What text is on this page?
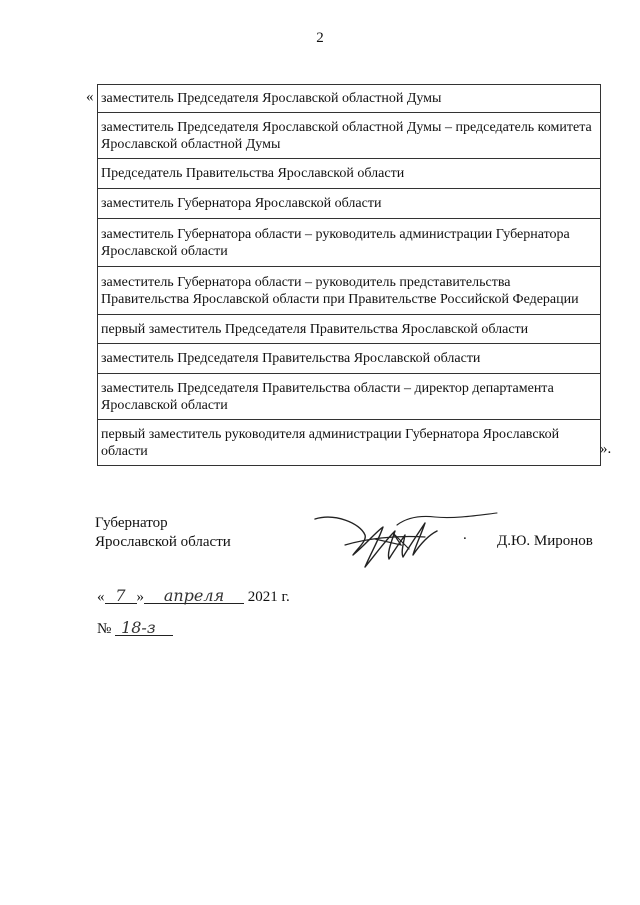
2
« заместитель Председателя Ярославской областной Думы
заместитель Председателя Ярославской областной Думы – председатель комитета Ярославской областной Думы
Председатель Правительства Ярославской области
заместитель Губернатора Ярославской области
заместитель Губернатора области – руководитель администрации Губернатора Ярославской области
заместитель Губернатора области – руководитель представительства Правительства Ярославской области при Правительстве Российской Федерации
первый заместитель Председателя Правительства Ярославской области
заместитель Председателя Правительства Ярославской области
заместитель Председателя Правительства области – директор департамента Ярославской области
первый заместитель руководителя администрации Губернатора Ярославской области	».
Губернатор
Ярославской области	. Д.Ю. Миронов
« 7 » апреля 2021 г.
№ 18-з
